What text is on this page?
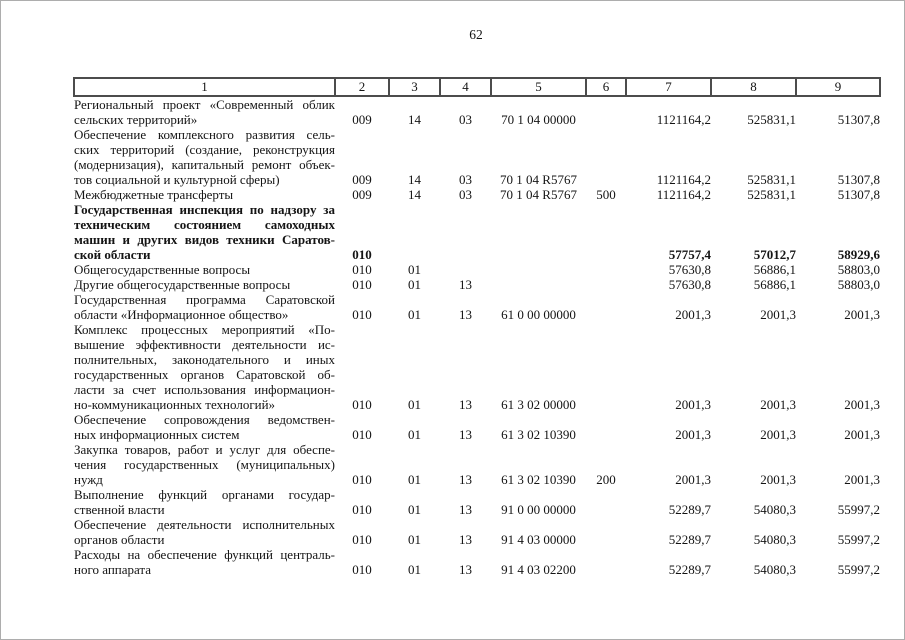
62
1	2	3	4	5	6	7	8	9

Региональный проект «Современный облик
сельских территорий»	009	14	03	70 1 04 00000		1121164,2	525831,1	51307,8

Обеспечение комплексного развития сель-
ских территорий (создание, реконструкция
(модернизация), капитальный ремонт объек-
тов социальной и культурной сферы)	009	14	03	70 1 04 R5767		1121164,2	525831,1	51307,8

Межбюджетные трансферты	009	14	03	70 1 04 R5767	500	1121164,2	525831,1	51307,8

Государственная инспекция по надзору за
техническим состоянием самоходных
машин и других видов техники Саратов-
ской области	010					57757,4	57012,7	58929,6

Общегосударственные вопросы	010	01				57630,8	56886,1	58803,0

Другие общегосударственные вопросы	010	01	13			57630,8	56886,1	58803,0

Государственная программа Саратовской
области «Информационное общество»	010	01	13	61 0 00 00000		2001,3	2001,3	2001,3

Комплекс процессных мероприятий «По-
вышение эффективности деятельности ис-
полнительных, законодательного и иных
государственных органов Саратовской об-
ласти за счет использования информацион-
но-коммуникационных технологий»	010	01	13	61 3 02 00000		2001,3	2001,3	2001,3

Обеспечение сопровождения ведомствен-
ных информационных систем	010	01	13	61 3 02 10390		2001,3	2001,3	2001,3

Закупка товаров, работ и услуг для обеспе-
чения государственных (муниципальных)
нужд	010	01	13	61 3 02 10390	200	2001,3	2001,3	2001,3

Выполнение функций органами государ-
ственной власти	010	01	13	91 0 00 00000		52289,7	54080,3	55997,2

Обеспечение деятельности исполнительных
органов области	010	01	13	91 4 03 00000		52289,7	54080,3	55997,2

Расходы на обеспечение функций централь-
ного аппарата	010	01	13	91 4 03 02200		52289,7	54080,3	55997,2
